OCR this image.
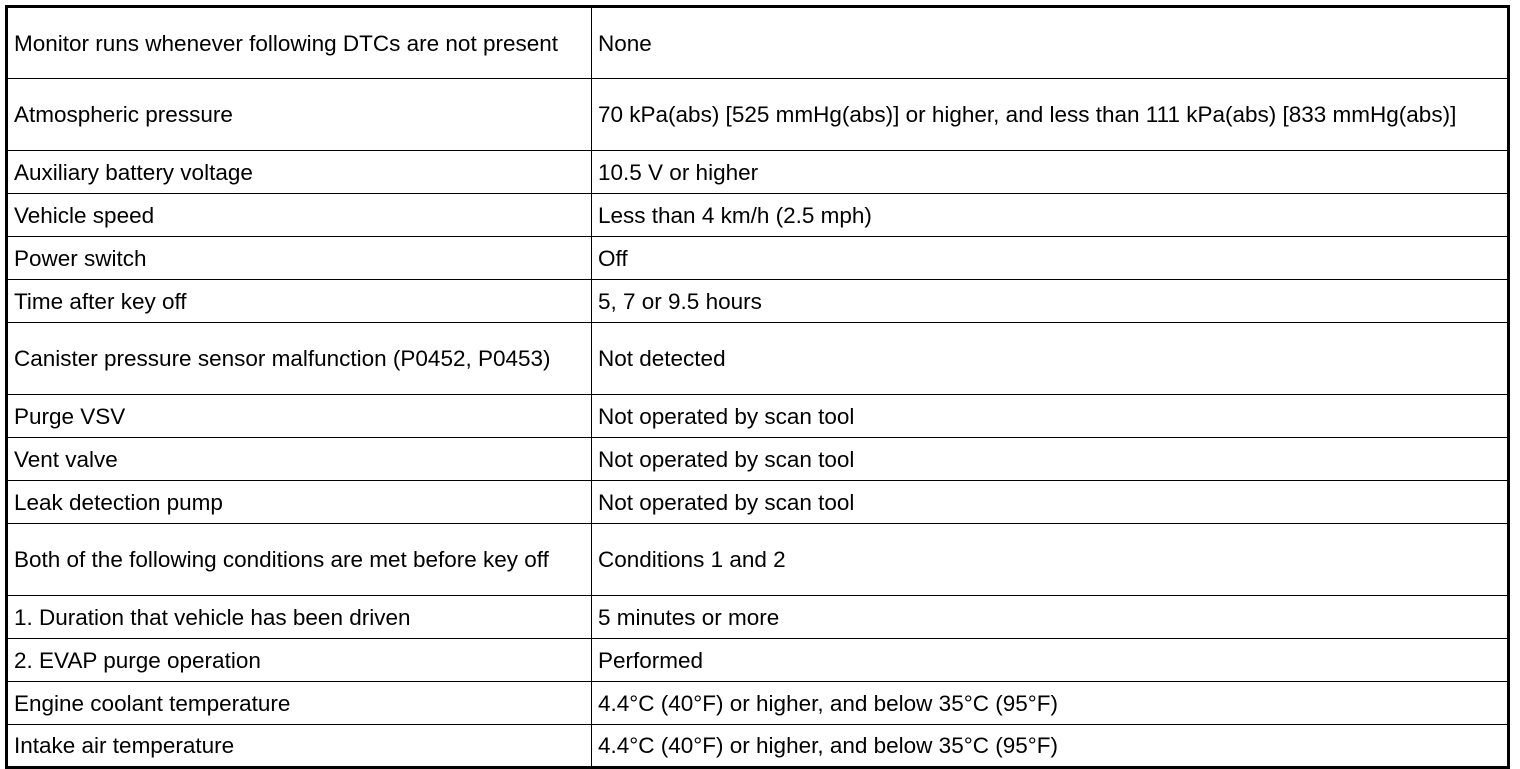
Monitor runs whenever following DTCs are not present	None
Atmospheric pressure	70 kPa(abs) [525 mmHg(abs)] or higher, and less than 111 kPa(abs) [833 mmHg(abs)]
Auxiliary battery voltage	10.5 V or higher
Vehicle speed	Less than 4 km/h (2.5 mph)
Power switch	Off
Time after key off	5, 7 or 9.5 hours
Canister pressure sensor malfunction (P0452, P0453)	Not detected
Purge VSV	Not operated by scan tool
Vent valve	Not operated by scan tool
Leak detection pump	Not operated by scan tool
Both of the following conditions are met before key off	Conditions 1 and 2
1. Duration that vehicle has been driven	5 minutes or more
2. EVAP purge operation	Performed
Engine coolant temperature	4.4°C (40°F) or higher, and below 35°C (95°F)
Intake air temperature	4.4°C (40°F) or higher, and below 35°C (95°F)
